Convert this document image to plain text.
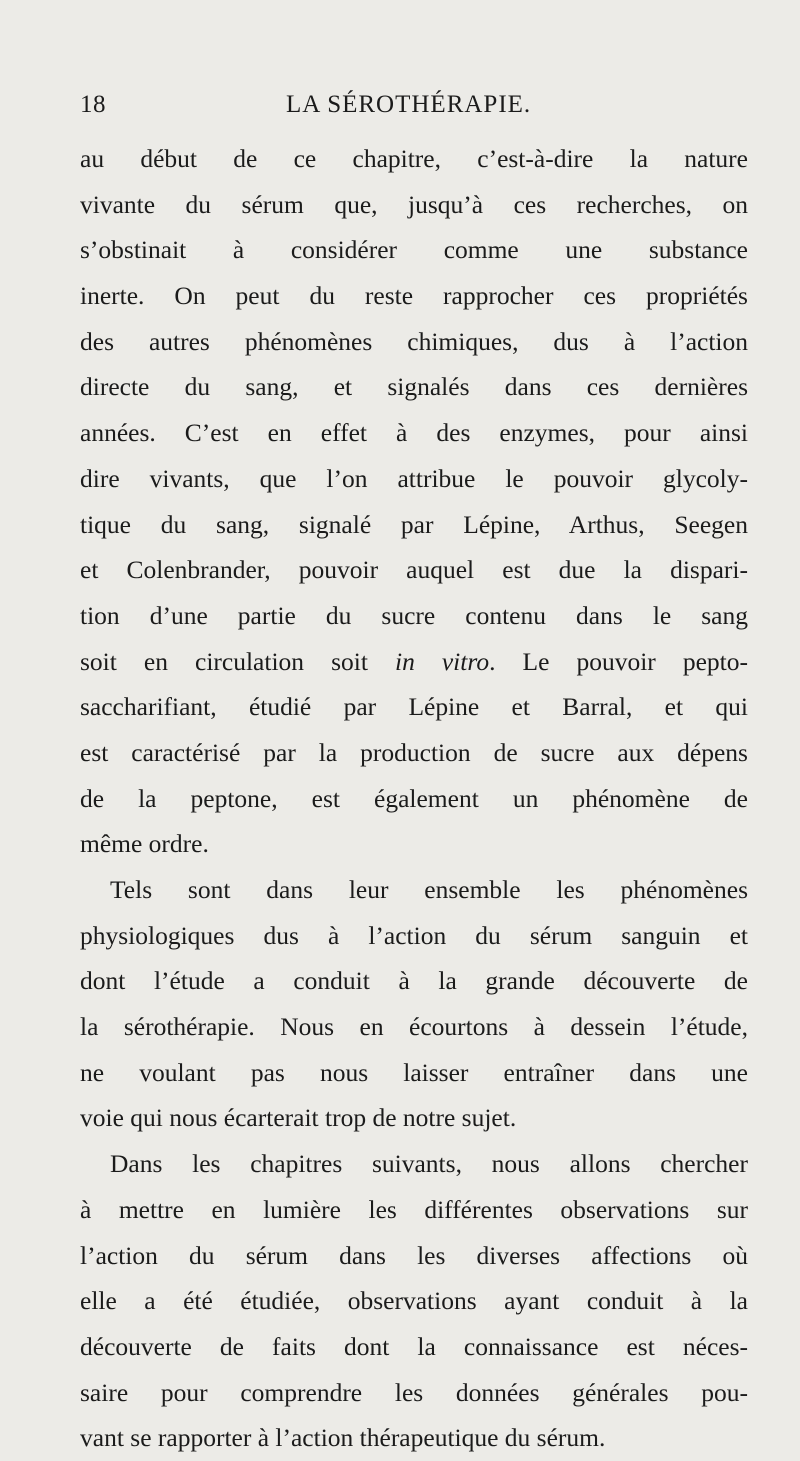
18	LA SÉROTHÉRAPIE.
au début de ce chapitre, c’est-à-dire la nature
vivante du sérum que, jusqu’à ces recherches, on
s’obstinait à considérer comme une substance
inerte. On peut du reste rapprocher ces propriétés
des autres phénomènes chimiques, dus à l’action
directe du sang, et signalés dans ces dernières
années. C’est en effet à des enzymes, pour ainsi
dire vivants, que l’on attribue le pouvoir glycoly-
tique du sang, signalé par Lépine, Arthus, Seegen
et Colenbrander, pouvoir auquel est due la dispari-
tion d’une partie du sucre contenu dans le sang
soit en circulation soit in vitro. Le pouvoir pepto-
saccharifiant, étudié par Lépine et Barral, et qui
est caractérisé par la production de sucre aux dépens
de la peptone, est également un phénomène de
même ordre.
Tels sont dans leur ensemble les phénomènes
physiologiques dus à l’action du sérum sanguin et
dont l’étude a conduit à la grande découverte de
la sérothérapie. Nous en écourtons à dessein l’étude,
ne voulant pas nous laisser entraîner dans une
voie qui nous écarterait trop de notre sujet.
Dans les chapitres suivants, nous allons chercher
à mettre en lumière les différentes observations sur
l’action du sérum dans les diverses affections où
elle a été étudiée, observations ayant conduit à la
découverte de faits dont la connaissance est néces-
saire pour comprendre les données générales pou-
vant se rapporter à l’action thérapeutique du sérum.
